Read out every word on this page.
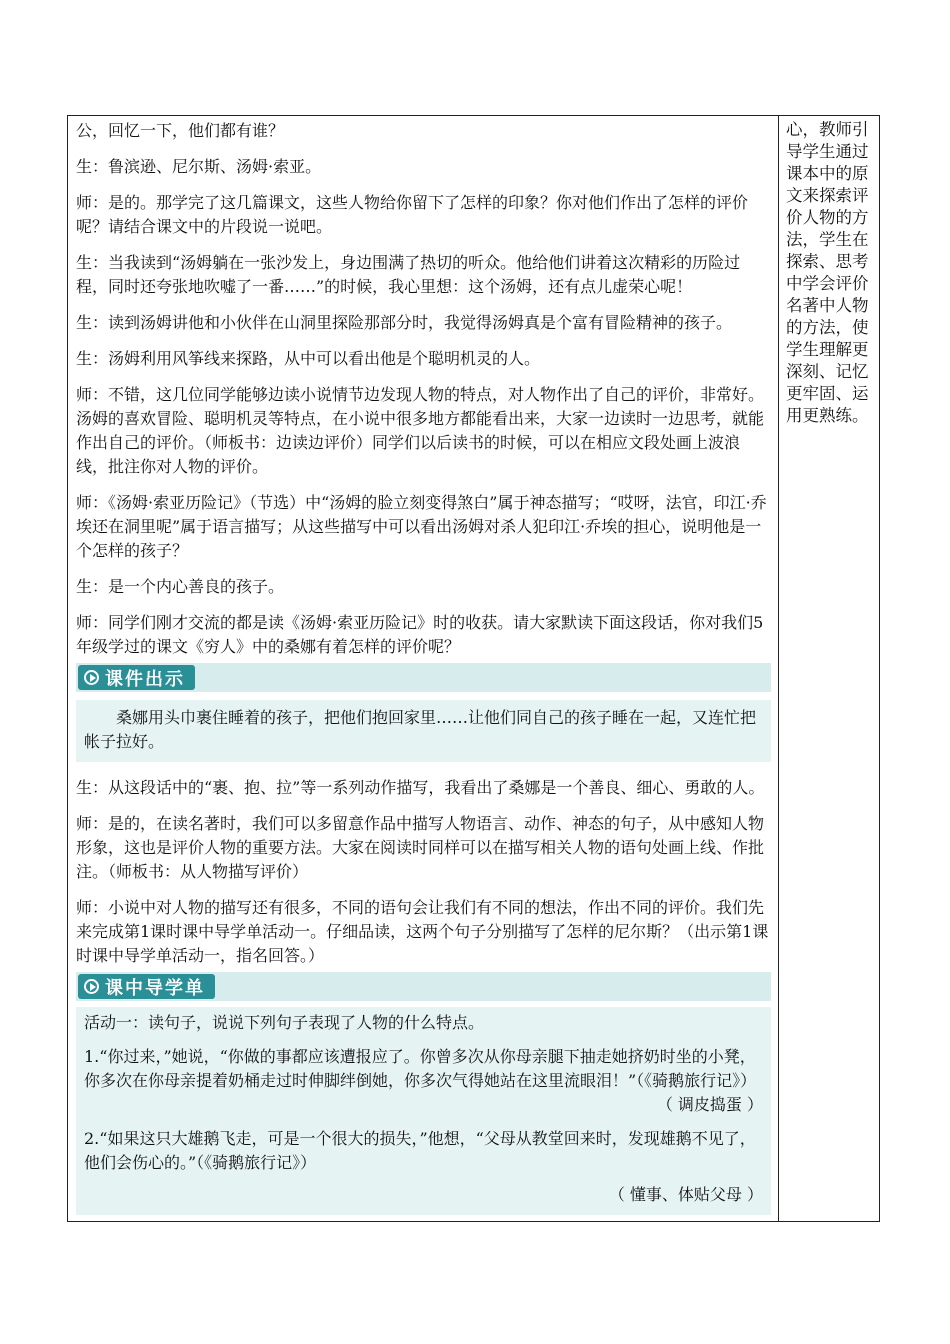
公，回忆一下，他们都有谁？

生：鲁滨逊、尼尔斯、汤姆·索亚。

师：是的。那学完了这几篇课文，这些人物给你留下了怎样的印象？你对他们作出了怎样的评价呢？请结合课文中的片段说一说吧。

生：当我读到“汤姆躺在一张沙发上，身边围满了热切的听众。他给他们讲着这次精彩的历险过程，同时还夸张地吹嘘了一番……”的时候，我心里想：这个汤姆，还有点儿虚荣心呢！

生：读到汤姆讲他和小伙伴在山洞里探险那部分时，我觉得汤姆真是个富有冒险精神的孩子。

生：汤姆利用风筝线来探路，从中可以看出他是个聪明机灵的人。

师：不错，这几位同学能够边读小说情节边发现人物的特点，对人物作出了自己的评价，非常好。汤姆的喜欢冒险、聪明机灵等特点，在小说中很多地方都能看出来，大家一边读时一边思考，就能作出自己的评价。（师板书：边读边评价）同学们以后读书的时候，可以在相应文段处画上波浪线，批注你对人物的评价。

师：《汤姆·索亚历险记》（节选）中“汤姆的脸立刻变得煞白”属于神态描写；“哎呀，法官，印江·乔埃还在洞里呢”属于语言描写；从这些描写中可以看出汤姆对杀人犯印江·乔埃的担心，说明他是一个怎样的孩子？

生：是一个内心善良的孩子。

师：同学们刚才交流的都是读《汤姆·索亚历险记》时的收获。请大家默读下面这段话，你对我们5年级学过的课文《穷人》中的桑娜有着怎样的评价呢？

课件出示

桑娜用头巾裹住睡着的孩子，把他们抱回家里……让他们同自己的孩子睡在一起，又连忙把帐子拉好。

生：从这段话中的“裹、抱、拉”等一系列动作描写，我看出了桑娜是一个善良、细心、勇敢的人。

师：是的，在读名著时，我们可以多留意作品中描写人物语言、动作、神态的句子，从中感知人物形象，这也是评价人物的重要方法。大家在阅读时同样可以在描写相关人物的语句处画上线、作批注。（师板书：从人物描写评价）

师：小说中对人物的描写还有很多，不同的语句会让我们有不同的想法，作出不同的评价。我们先来完成第1课时课中导学单活动一。仔细品读，这两个句子分别描写了怎样的尼尔斯？（出示第1课时课中导学单活动一，指名回答。）

课中导学单

活动一：读句子，说说下列句子表现了人物的什么特点。

1.“你过来，”她说，“你做的事都应该遭报应了。你曾多次从你母亲腿下抽走她挤奶时坐的小凳，你多次在你母亲提着奶桶走过时伸脚绊倒她，你多次气得她站在这里流眼泪！”（《骑鹅旅行记》）

（ 调皮捣蛋 ）

2.“如果这只大雄鹅飞走，可是一个很大的损失，”他想，“父母从教堂回来时，发现雄鹅不见了，他们会伤心的。”（《骑鹅旅行记》）

（ 懂事、体贴父母 ）

心，教师引导学生通过课本中的原文来探索评价人物的方法，学生在探索、思考中学会评价名著中人物的方法，使学生理解更深刻、记忆更牢固、运用更熟练。
